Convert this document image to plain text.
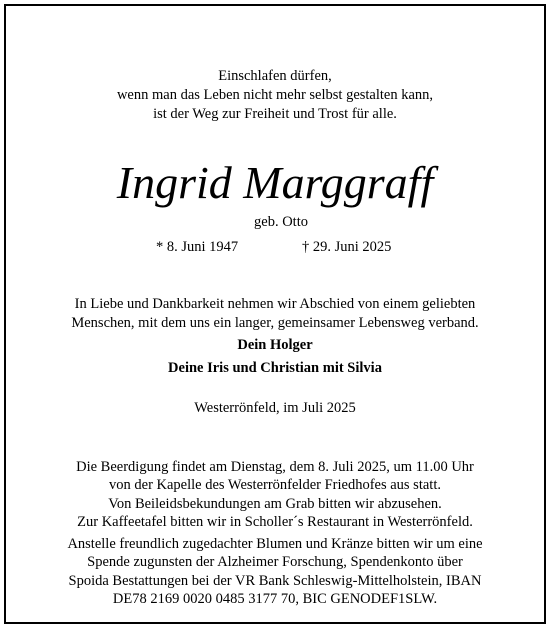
Einschlafen dürfen,
wenn man das Leben nicht mehr selbst gestalten kann,
ist der Weg zur Freiheit und Trost für alle.
Ingrid Marggraff
geb. Otto
* 8. Juni 1947	† 29. Juni 2025
In Liebe und Dankbarkeit nehmen wir Abschied von einem geliebten
Menschen, mit dem uns ein langer, gemeinsamer Lebensweg verband.
Dein Holger
Deine Iris und Christian mit Silvia
Westerrönfeld, im Juli 2025
Die Beerdigung findet am Dienstag, dem 8. Juli 2025, um 11.00 Uhr
von der Kapelle des Westerrönfelder Friedhofes aus statt.
Von Beileidsbekundungen am Grab bitten wir abzusehen.
Zur Kaffeetafel bitten wir in Scholler´s Restaurant in Westerrönfeld.
Anstelle freundlich zugedachter Blumen und Kränze bitten wir um eine
Spende zugunsten der Alzheimer Forschung, Spendenkonto über
Spoida Bestattungen bei der VR Bank Schleswig-Mittelholstein, IBAN
DE78 2169 0020 0485 3177 70, BIC GENODEF1SLW.
